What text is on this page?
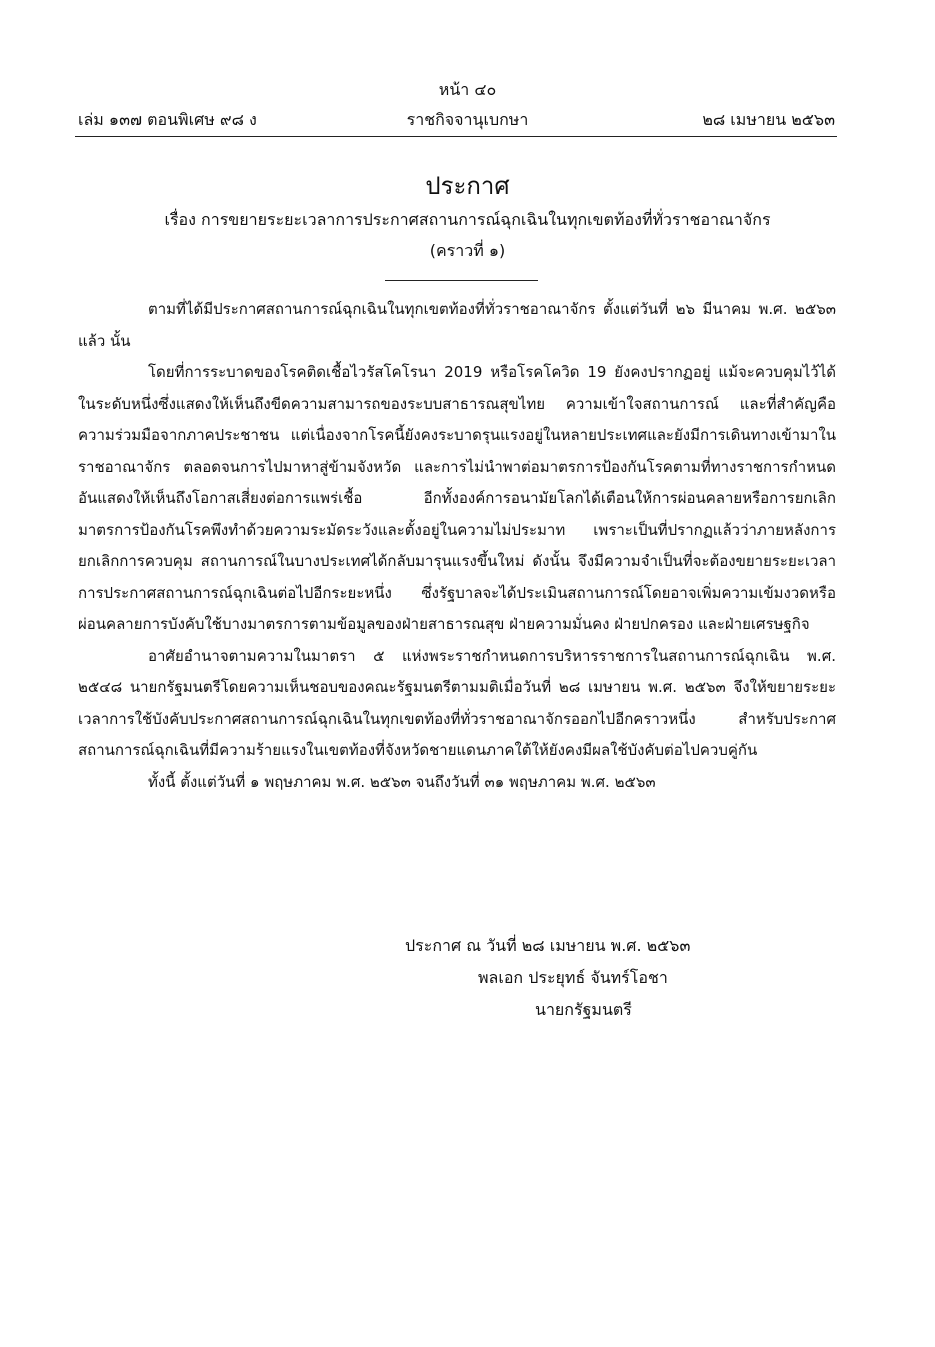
หน้า ๔๐
เล่ม ๑๓๗ ตอนพิเศษ ๙๘ ง	ราชกิจจานุเบกษา	๒๘ เมษายน ๒๕๖๓
ประกาศ
เรื่อง การขยายระยะเวลาการประกาศสถานการณ์ฉุกเฉินในทุกเขตท้องที่ทั่วราชอาณาจักร
(คราวที่ ๑)

ตามที่ได้มีประกาศสถานการณ์ฉุกเฉินในทุกเขตท้องที่ทั่วราชอาณาจักร ตั้งแต่วันที่ ๒๖ มีนาคม พ.ศ. ๒๕๖๓ แล้ว นั้น

โดยที่การระบาดของโรคติดเชื้อไวรัสโคโรนา 2019 หรือโรคโควิด 19 ยังคงปรากฏอยู่ แม้จะควบคุมไว้ได้ในระดับหนึ่งซึ่งแสดงให้เห็นถึงขีดความสามารถของระบบสาธารณสุขไทย ความเข้าใจสถานการณ์ และที่สำคัญคือความร่วมมือจากภาคประชาชน แต่เนื่องจากโรคนี้ยังคงระบาดรุนแรงอยู่ในหลายประเทศและยังมีการเดินทางเข้ามาในราชอาณาจักร ตลอดจนการไปมาหาสู่ข้ามจังหวัด และการไม่นำพาต่อมาตรการป้องกันโรคตามที่ทางราชการกำหนด อันแสดงให้เห็นถึงโอกาสเสี่ยงต่อการแพร่เชื้อ อีกทั้งองค์การอนามัยโลกได้เตือนให้การผ่อนคลายหรือการยกเลิกมาตรการป้องกันโรคพึงทำด้วยความระมัดระวังและตั้งอยู่ในความไม่ประมาท เพราะเป็นที่ปรากฏแล้วว่าภายหลังการยกเลิกการควบคุม สถานการณ์ในบางประเทศได้กลับมารุนแรงขึ้นใหม่ ดังนั้น จึงมีความจำเป็นที่จะต้องขยายระยะเวลาการประกาศสถานการณ์ฉุกเฉินต่อไปอีกระยะหนึ่ง ซึ่งรัฐบาลจะได้ประเมินสถานการณ์โดยอาจเพิ่มความเข้มงวดหรือผ่อนคลายการบังคับใช้บางมาตรการตามข้อมูลของฝ่ายสาธารณสุข ฝ่ายความมั่นคง ฝ่ายปกครอง และฝ่ายเศรษฐกิจ

อาศัยอำนาจตามความในมาตรา ๕ แห่งพระราชกำหนดการบริหารราชการในสถานการณ์ฉุกเฉิน พ.ศ. ๒๕๔๘ นายกรัฐมนตรีโดยความเห็นชอบของคณะรัฐมนตรีตามมติเมื่อวันที่ ๒๘ เมษายน พ.ศ. ๒๕๖๓ จึงให้ขยายระยะเวลาการใช้บังคับประกาศสถานการณ์ฉุกเฉินในทุกเขตท้องที่ทั่วราชอาณาจักรออกไปอีกคราวหนึ่ง สำหรับประกาศสถานการณ์ฉุกเฉินที่มีความร้ายแรงในเขตท้องที่จังหวัดชายแดนภาคใต้ให้ยังคงมีผลใช้บังคับต่อไปควบคู่กัน

ทั้งนี้ ตั้งแต่วันที่ ๑ พฤษภาคม พ.ศ. ๒๕๖๓ จนถึงวันที่ ๓๑ พฤษภาคม พ.ศ. ๒๕๖๓

ประกาศ ณ วันที่ ๒๘ เมษายน พ.ศ. ๒๕๖๓
พลเอก ประยุทธ์ จันทร์โอชา
นายกรัฐมนตรี
